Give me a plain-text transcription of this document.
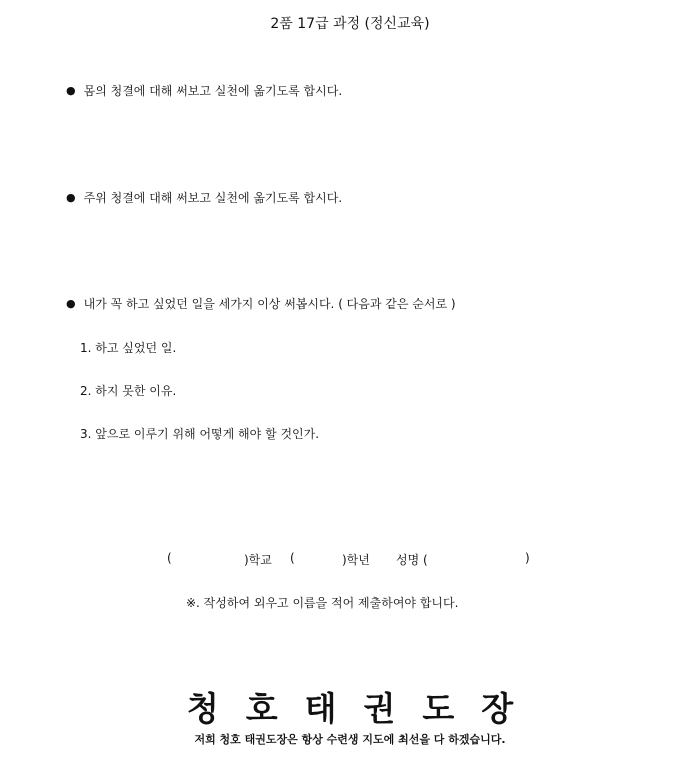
2품 17급 과정 (정신교육)
● 몸의 청결에 대해 써보고 실천에 옮기도록 합시다.
● 주위 청결에 대해 써보고 실천에 옮기도록 합시다.
● 내가 꼭 하고 싶었던 일을 세가지 이상 써봅시다. ( 다음과 같은 순서로 )
1. 하고 싶었던 일.
2. 하지 못한 이유.
3. 앞으로 이루기 위해 어떻게 해야 할 것인가.
(	)학교 (	)학년 성명 (	)
※. 작성하여 외우고 이름을 적어 제출하여야 합니다.
청호태권도장
저희 청호 태권도장은 항상 수련생 지도에 최선을 다 하겠습니다.
